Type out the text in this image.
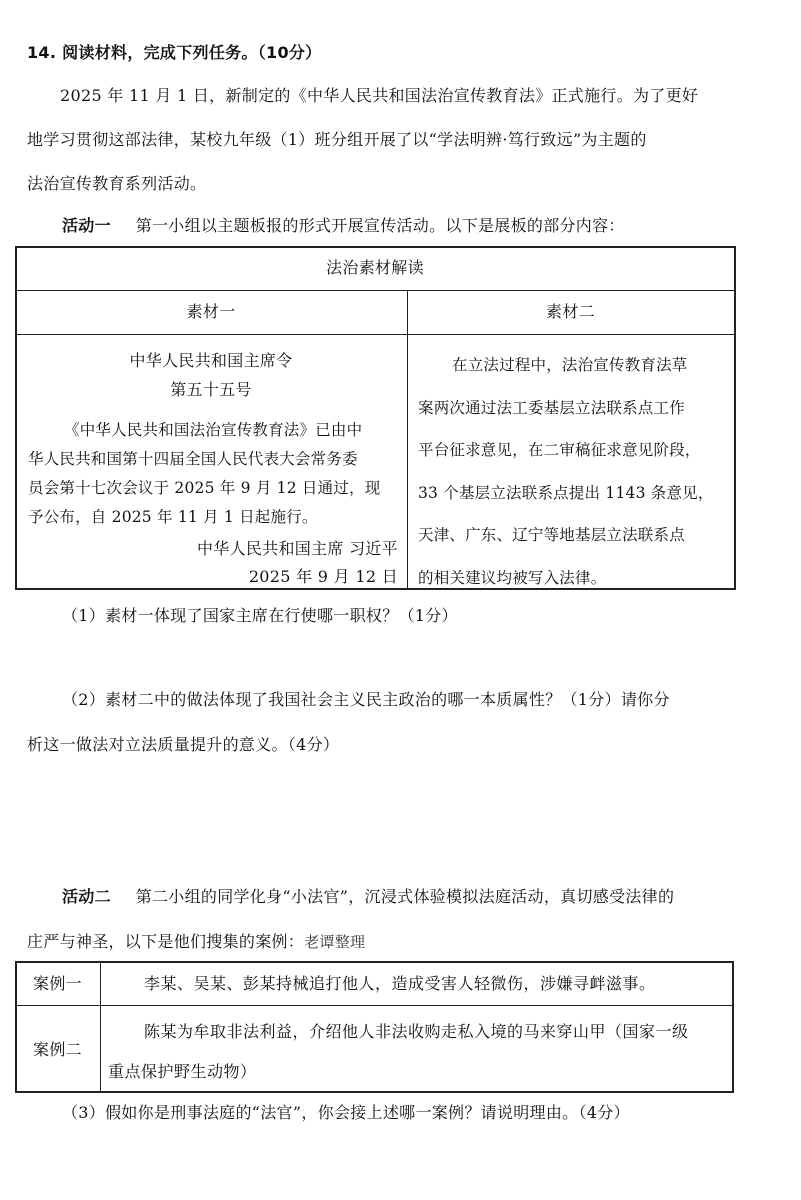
14. 阅读材料，完成下列任务。（10分）
2025 年 11 月 1 日，新制定的《中华人民共和国法治宣传教育法》正式施行。为了更好
地学习贯彻这部法律，某校九年级（1）班分组开展了以“学法明辨·笃行致远”为主题的
法治宣传教育系列活动。
活动一 第一小组以主题板报的形式开展宣传活动。以下是展板的部分内容：
法治素材解读
素材一	素材二
中华人民共和国主席令
第五十五号
《中华人民共和国法治宣传教育法》已由中
华人民共和国第十四届全国人民代表大会常务委
员会第十七次会议于 2025 年 9 月 12 日通过，现
予公布，自 2025 年 11 月 1 日起施行。
中华人民共和国主席 习近平
2025 年 9 月 12 日
在立法过程中，法治宣传教育法草
案两次通过法工委基层立法联系点工作
平台征求意见，在二审稿征求意见阶段，
33 个基层立法联系点提出 1143 条意见，
天津、广东、辽宁等地基层立法联系点
的相关建议均被写入法律。
（1）素材一体现了国家主席在行使哪一职权？（1分）
（2）素材二中的做法体现了我国社会主义民主政治的哪一本质属性？（1分）请你分
析这一做法对立法质量提升的意义。（4分）
活动二 第二小组的同学化身“小法官”，沉浸式体验模拟法庭活动，真切感受法律的
庄严与神圣，以下是他们搜集的案例：老谭整理
案例一	李某、吴某、彭某持械追打他人，造成受害人轻微伤，涉嫌寻衅滋事。
案例二
陈某为牟取非法利益，介绍他人非法收购走私入境的马来穿山甲（国家一级
重点保护野生动物）
（3）假如你是刑事法庭的“法官”，你会接上述哪一案例？请说明理由。（4分）
